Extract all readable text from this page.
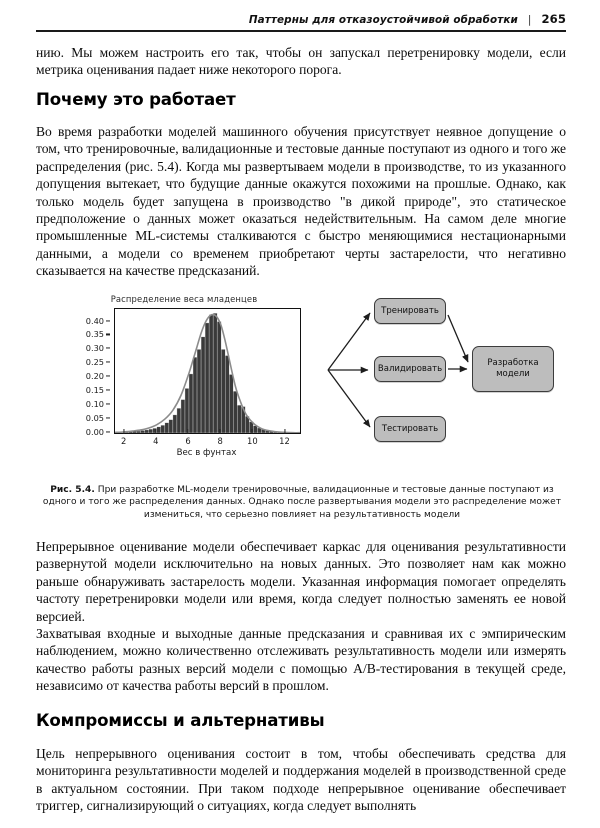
Паттерны для отказоустойчивой обработки | 265

нию. Мы можем настроить его так, чтобы он запускал перетренировку модели, если метрика оценивания падает ниже некоторого порога.

Почему это работает

Во время разработки моделей машинного обучения присутствует неявное допущение о том, что тренировочные, валидационные и тестовые данные поступают из одного и того же распределения (рис. 5.4). Когда мы развертываем модели в производстве, то из указанного допущения вытекает, что будущие данные окажутся похожими на прошлые. Однако, как только модель будет запущена в производство "в дикой природе", это статическое предположение о данных может оказаться недействительным. На самом деле многие промышленные ML-системы сталкиваются с быстро меняющимися нестационарными данными, а модели со временем приобретают черты застарелости, что негативно сказывается на качестве предсказаний.

Распределение веса младенцев
0.00
0.05
0.10
0.15
0.20
0.25
0.30
0.35
0.40
2	4	6	8	10	12
Вес в фунтах
Тренировать
Валидировать
Тестировать
Разработка
модели
Рис. 5.4. При разработке ML-модели тренировочные, валидационные и тестовые данные поступают из одного и того же распределения данных. Однако после развертывания модели это распределение может измениться, что серьезно повлияет на результативность модели

Непрерывное оценивание модели обеспечивает каркас для оценивания результативности развернутой модели исключительно на новых данных. Это позволяет нам как можно раньше обнаруживать застарелость модели. Указанная информация помогает определять частоту перетренировки модели или время, когда следует полностью заменять ее новой версией.

Захватывая входные и выходные данные предсказания и сравнивая их с эмпирическим наблюдением, можно количественно отслеживать результативность модели или измерять качество работы разных версий модели с помощью A/B-тестирования в текущей среде, независимо от качества работы версий в прошлом.

Компромиссы и альтернативы

Цель непрерывного оценивания состоит в том, чтобы обеспечивать средства для мониторинга результативности моделей и поддержания моделей в производственной среде в актуальном состоянии. При таком подходе непрерывное оценивание обеспечивает триггер, сигнализирующий о ситуациях, когда следует выполнять
